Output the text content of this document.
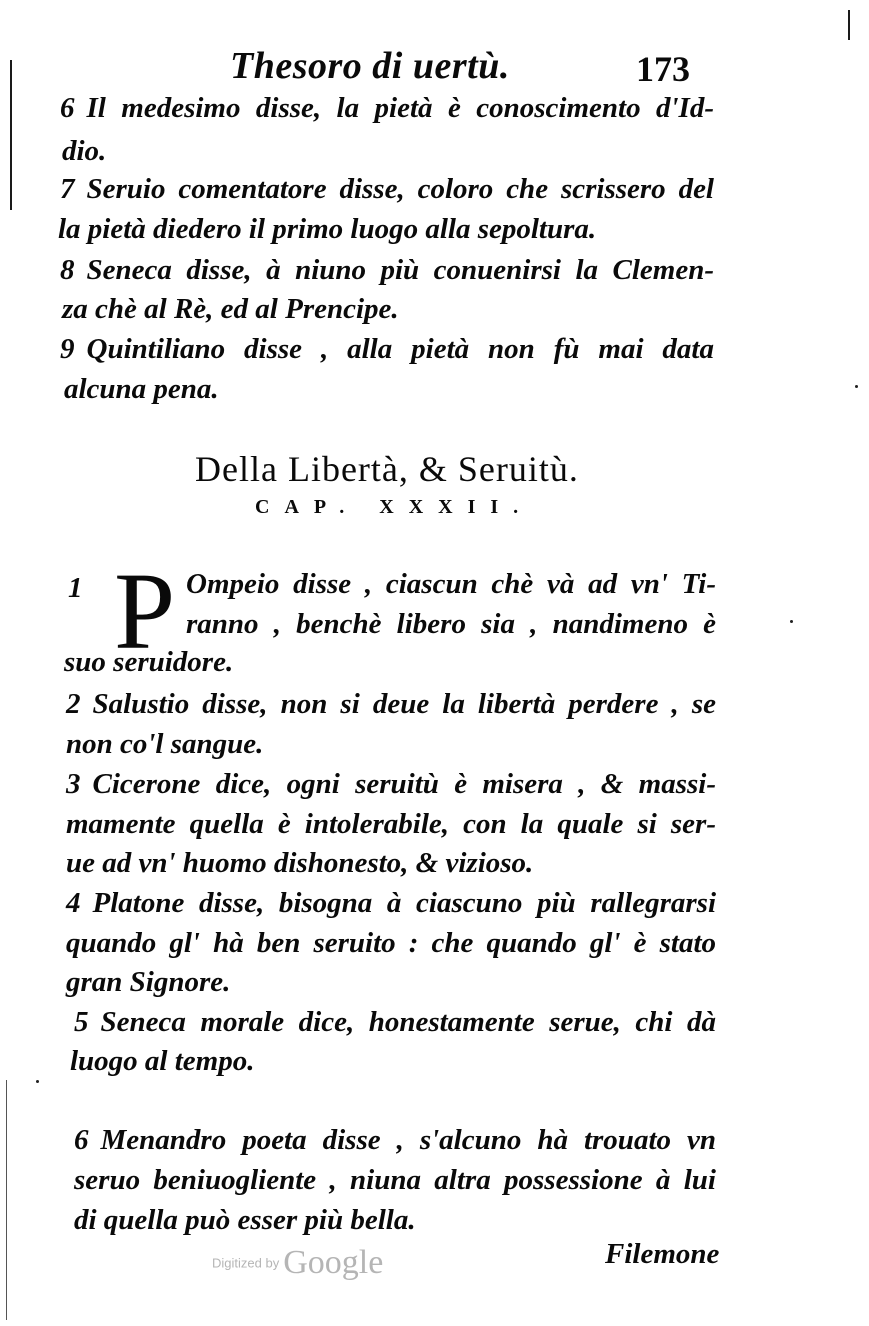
Thesoro di uertù.	173
6 Il medesimo disse, la pietà è conoscimento d'Id-
dio.
7 Seruio comentatore disse, coloro che scrissero del
la pietà diedero il primo luogo alla sepoltura.
8 Seneca disse, à niuno più conuenirsi la Clemen-
za chè al Rè, ed al Prencipe.
9 Quintiliano disse , alla pietà non fù mai data
alcuna pena.
Della Libertà, & Seruitù.
CAP. XXXII.
1 P Ompeio disse , ciascun chè và ad vn' Ti-
ranno , benchè libero sia , nandimeno è
suo seruidore.
2 Salustio disse, non si deue la libertà perdere , se
non co'l sangue.
3 Cicerone dice, ogni seruitù è misera , & massi-
mamente quella è intolerabile, con la quale si ser-
ue ad vn' huomo dishonesto, & vizioso.
4 Platone disse, bisogna à ciascuno più rallegrarsi
quando gl' hà ben seruito : che quando gl' è stato
gran Signore.
5 Seneca morale dice, honestamente serue, chi dà
luogo al tempo.
6 Menandro poeta disse , s'alcuno hà trouato vn
seruo beniuogliente , niuna altra possessione à lui
di quella può esser più bella.
Filemone
Digitized by Google
